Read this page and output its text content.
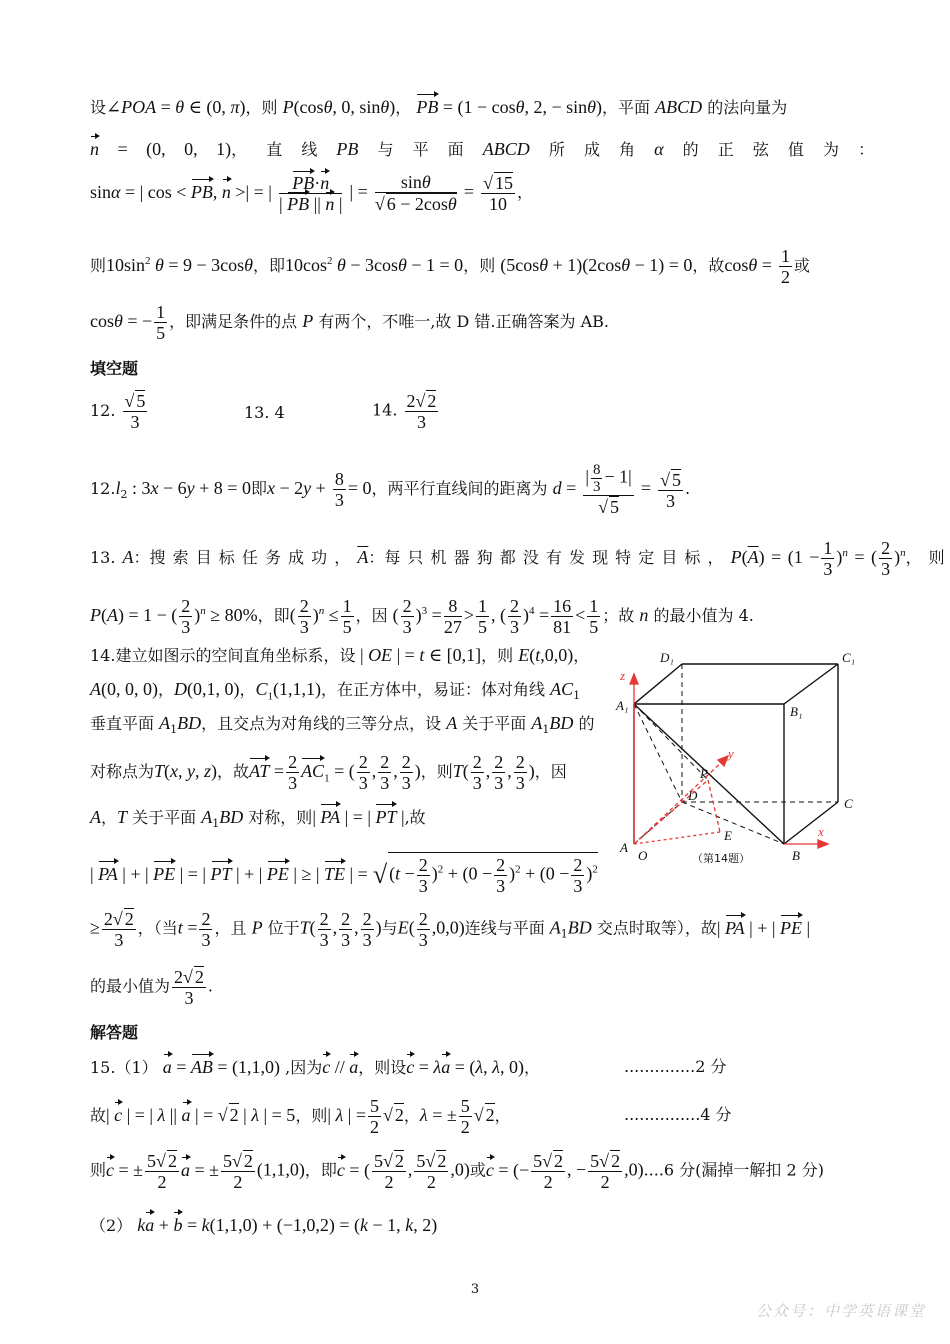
设∠POA = θ ∈ (0, π)，则 P(cosθ, 0, sinθ)， PB = (1 − cosθ, 2, − sinθ)，平面 ABCD 的法向量为
n = (0, 0, 1)， 直 线 PB 与 平 面 ABCD 所 成 角 α 的 正 弦 值 为 ：
sinα = | cos < PB, n >| = | $\frac{PB\cdot n}{| PB || n |}$ | = $\frac{\sin\theta}{√ 6 - 2\cos\theta} = \frac{√ 15}{10}$ ，
则$10\sin^2$ θ = 9 − 3cosθ，即$10\cos^2$ θ − 3cosθ − 1 = 0，则 (5cosθ + 1)(2cosθ − 1) = 0，故$\cos\theta = \frac{1}{2}$ 或
cosθ = − $\frac{1}{5}$ ，即满足条件的点 P 有两个，不唯一,故 D 错.正确答案为 AB.
填空题
12. $\frac{√ 5}{3}$	13. 4	14. $\frac{2√ 2}{3}$
$12.l_2$ : 3x − 6y + 8 = 0即$x - 2y + \frac{8}{3} = 0$，两平行直线间的距离为 $d = \frac{| \frac{8}{3} - 1|}{√ 5} = \frac{√ 5}{3}$ .
13. A：搜 索 目 标 任 务 成 功 ， $\overline{A}$：每 只 机 器 狗 都 没 有 发 现 特 定 目 标 ， $P(\overline{A}) = (1 - \frac{1}{3} )^n$ = ( $\frac{2}{3} )^n$， 则
P(A) = 1 − ( $\frac{2}{3} )^n \ge 80\%$，即( $\frac{2}{3} )^n \le \frac{1}{5}$ ，因 ( $\frac{2}{3} )^3 = \frac{8}{27} > \frac{1}{5}$ , ( $\frac{2}{3} )^4 = \frac{16}{81} < \frac{1}{5}$ ；故 n 的最小值为 4.
14.建立如图示的空间直角坐标系，设 | OE | = t ∈ [0,1]，则 E(t,0,0)，
A(0, 0, 0)，D(0,1, 0)，$C_1(1,1,1)$，在正方体中，易证：体对角线 $AC_1$
垂直平面 $A_1BD$，且交点为对角线的三等分点，设 A 关于平面 $A_1BD$ 的
对称点为T(x, y, z)，故AT = $\frac{2}{3} AC_1$ = ( $\frac{2}{3}$ , $\frac{2}{3}$ , $\frac{2}{3}$ )，则$T( \frac{2}{3}$ , $\frac{2}{3}$ , $\frac{2}{3}$ )，因
A，T 关于平面 $A_1BD$ 对称，则| PA | = | PT |,故
| PA | + | PE | = | PT | + | PE | ≥ | TE | = √ $(t - \frac{2}{3} )^2 + (0 - \frac{2}{3} )^2 + (0 - \frac{2}{3} )^2$
≥ $\frac{2√ 2}{3}$ ，（当$t = \frac{2}{3}$ ，且 P 位于$T( \frac{2}{3}$ , $\frac{2}{3}$ , $\frac{2}{3}$ )与$E( \frac{2}{3} ,0,0)$连线与平面 $A_1BD$ 交点时取等），故| PA | + | PE |
的最小值为 $\frac{2√ 2}{3}$ .
解答题
15.（1） a = AB = (1,1,0) ,因为c // a，则设c = λa = (λ, λ, 0)，	..............2 分
故| c | = | λ || a | = √ 2 | λ | = 5，则| λ | = $\frac{5}{2}$ √ 2，λ = ± $\frac{5}{2}$ √ 2，	...............4 分
则c = ± $\frac{5√ 2}{2}$ a = ± $\frac{5√ 2}{2} (1,1,0)$，即c = ( $\frac{5√ 2}{2}$ , $\frac{5√ 2}{2} ,0$)或c = (− $\frac{5√ 2}{2}$ , − $\frac{5√ 2}{2} ,0)....6$ 分(漏掉一解扣 2 分)
（2） ka + b = k(1,1,0) + (−1,0,2) = (k − 1, k, 2)
D₁	C₁
A₁	B₁
z
y
x
P
D
C
E
A
O	B
（第14题）
3
公众号：中学英语课堂
